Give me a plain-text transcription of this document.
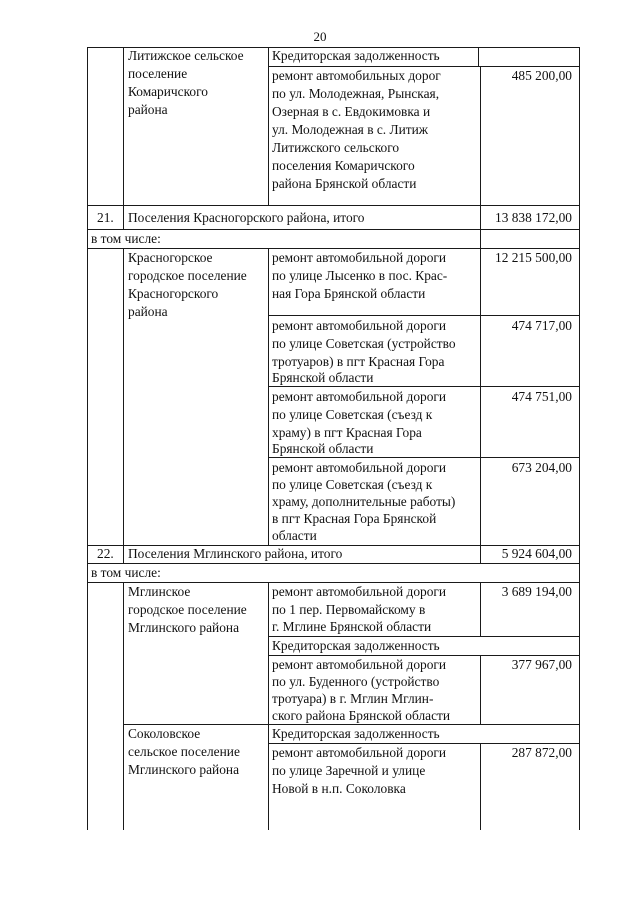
20
Литижское сельское
поселение
Комаричского
района
Кредиторская задолженность
ремонт автомобильных дорог
по ул. Молодежная, Рынская,
Озерная в с. Евдокимовка и
ул. Молодежная в с. Литиж
Литижского сельского
поселения Комаричского
района Брянской области
485 200,00
21. Поселения Красногорского района, итого	13 838 172,00
в том числе:
Красногорское
городское поселение
Красногорского
района
ремонт автомобильной дороги
по улице Лысенко в пос. Крас-
ная Гора Брянской области
12 215 500,00
ремонт автомобильной дороги
по улице Советская (устройство
тротуаров) в пгт Красная Гора
Брянской области
474 717,00
ремонт автомобильной дороги
по улице Советская (съезд к
храму) в пгт Красная Гора
Брянской области
474 751,00
ремонт автомобильной дороги
по улице Советская (съезд к
храму, дополнительные работы)
в пгт Красная Гора Брянской
области
673 204,00
22. Поселения Мглинского района, итого	5 924 604,00
в том числе:
Мглинское
городское поселение
Мглинского района
ремонт автомобильной дороги
по 1 пер. Первомайскому в
г. Мглине Брянской области
3 689 194,00
Кредиторская задолженность
ремонт автомобильной дороги
по ул. Буденного (устройство
тротуара) в г. Мглин Мглин-
ского района Брянской области
377 967,00
Соколовское
сельское поселение
Мглинского района
Кредиторская задолженность
ремонт автомобильной дороги
по улице Заречной и улице
Новой в н.п. Соколовка
287 872,00
